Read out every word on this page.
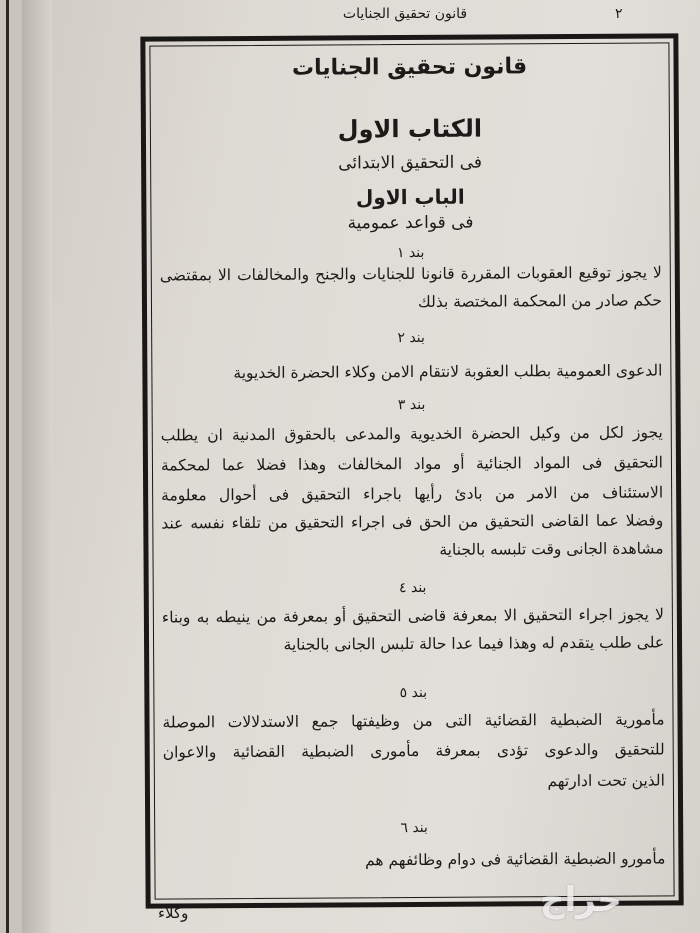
قانون تحقيق الجنايات	٢
قانون تحقيق الجنايات
الكتاب الاول
فى التحقيق الابتدائى
الباب الاول
فى قواعد عمومية
بند ١
لا يجوز توقيع العقوبات المقررة قانونا للجنايات والجنح والمخالفات الا بمقتضى
حكم صادر من المحكمة المختصة بذلك
بند ٢
الدعوى العمومية بطلب العقوبة لانتقام الامن وكلاء الحضرة الخديوية
بند ٣
يجوز لكل من وكيل الحضرة الخديوية والمدعى بالحقوق المدنية ان يطلب
التحقيق فى المواد الجنائية أو مواد المخالفات وهذا فضلا عما لمحكمة
الاستئناف من الامر من بادئ رأيها باجراء التحقيق فى أحوال معلومة
وفضلا عما القاضى التحقيق من الحق فى اجراء التحقيق من تلقاء نفسه عند
مشاهدة الجانى وقت تلبسه بالجناية
بند ٤
لا يجوز اجراء التحقيق الا بمعرفة قاضى التحقيق أو بمعرفة من ينيطه به وبناء
على طلب يتقدم له وهذا فيما عدا حالة تلبس الجانى بالجناية
بند ٥
مأمورية الضبطية القضائية التى من وظيفتها جمع الاستدلالات الموصلة
للتحقيق والدعوى تؤدى بمعرفة مأمورى الضبطية القضائية والاعوان
الذين تحت ادارتهم
بند ٦
مأمورو الضبطية القضائية فى دوام وظائفهم هم
وكلاء	حراج
